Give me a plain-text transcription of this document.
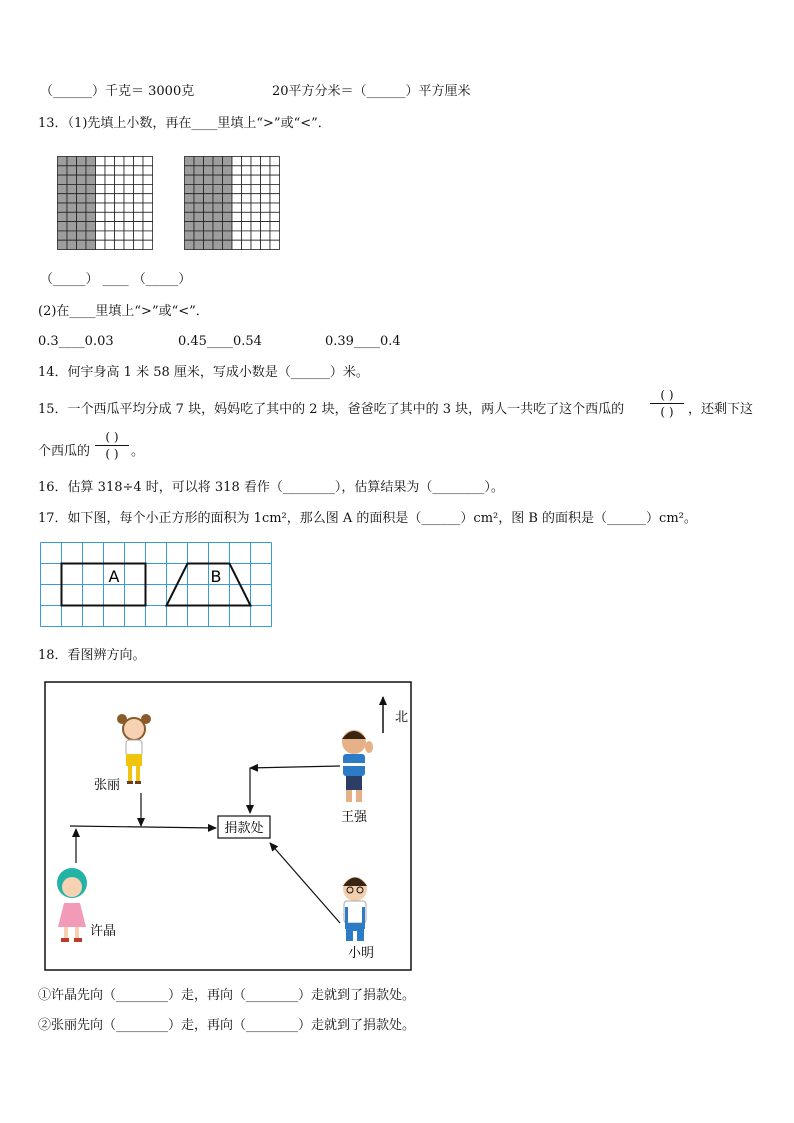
（______）千克＝ 3000克	20平方分米＝（______）平方厘米
13．（1)先填上小数，再在____里填上“>”或“<”．
（_____） ____ （_____）
(2)在____里填上“>”或“<”．
0.3____0.03	0.45____0.54	0.39____0.4
14．何宇身高 1 米 58 厘米，写成小数是（______）米。
15．一个西瓜平均分成 7 块，妈妈吃了其中的 2 块，爸爸吃了其中的 3 块，两人一共吃了这个西瓜的
( )
( )	，还剩下这
个西瓜的
( )
( ) 。
16．估算 318÷4 时，可以将 318 看作（________），估算结果为（________）。
17．如下图，每个小正方形的面积为 1cm²，那么图 A 的面积是（______）cm²，图 B 的面积是（______）cm²。
A	B
18．看图辨方向。
北
捐款处
张丽
王强
许晶
小明
①许晶先向（________）走，再向（________）走就到了捐款处。
②张丽先向（________）走，再向（________）走就到了捐款处。
